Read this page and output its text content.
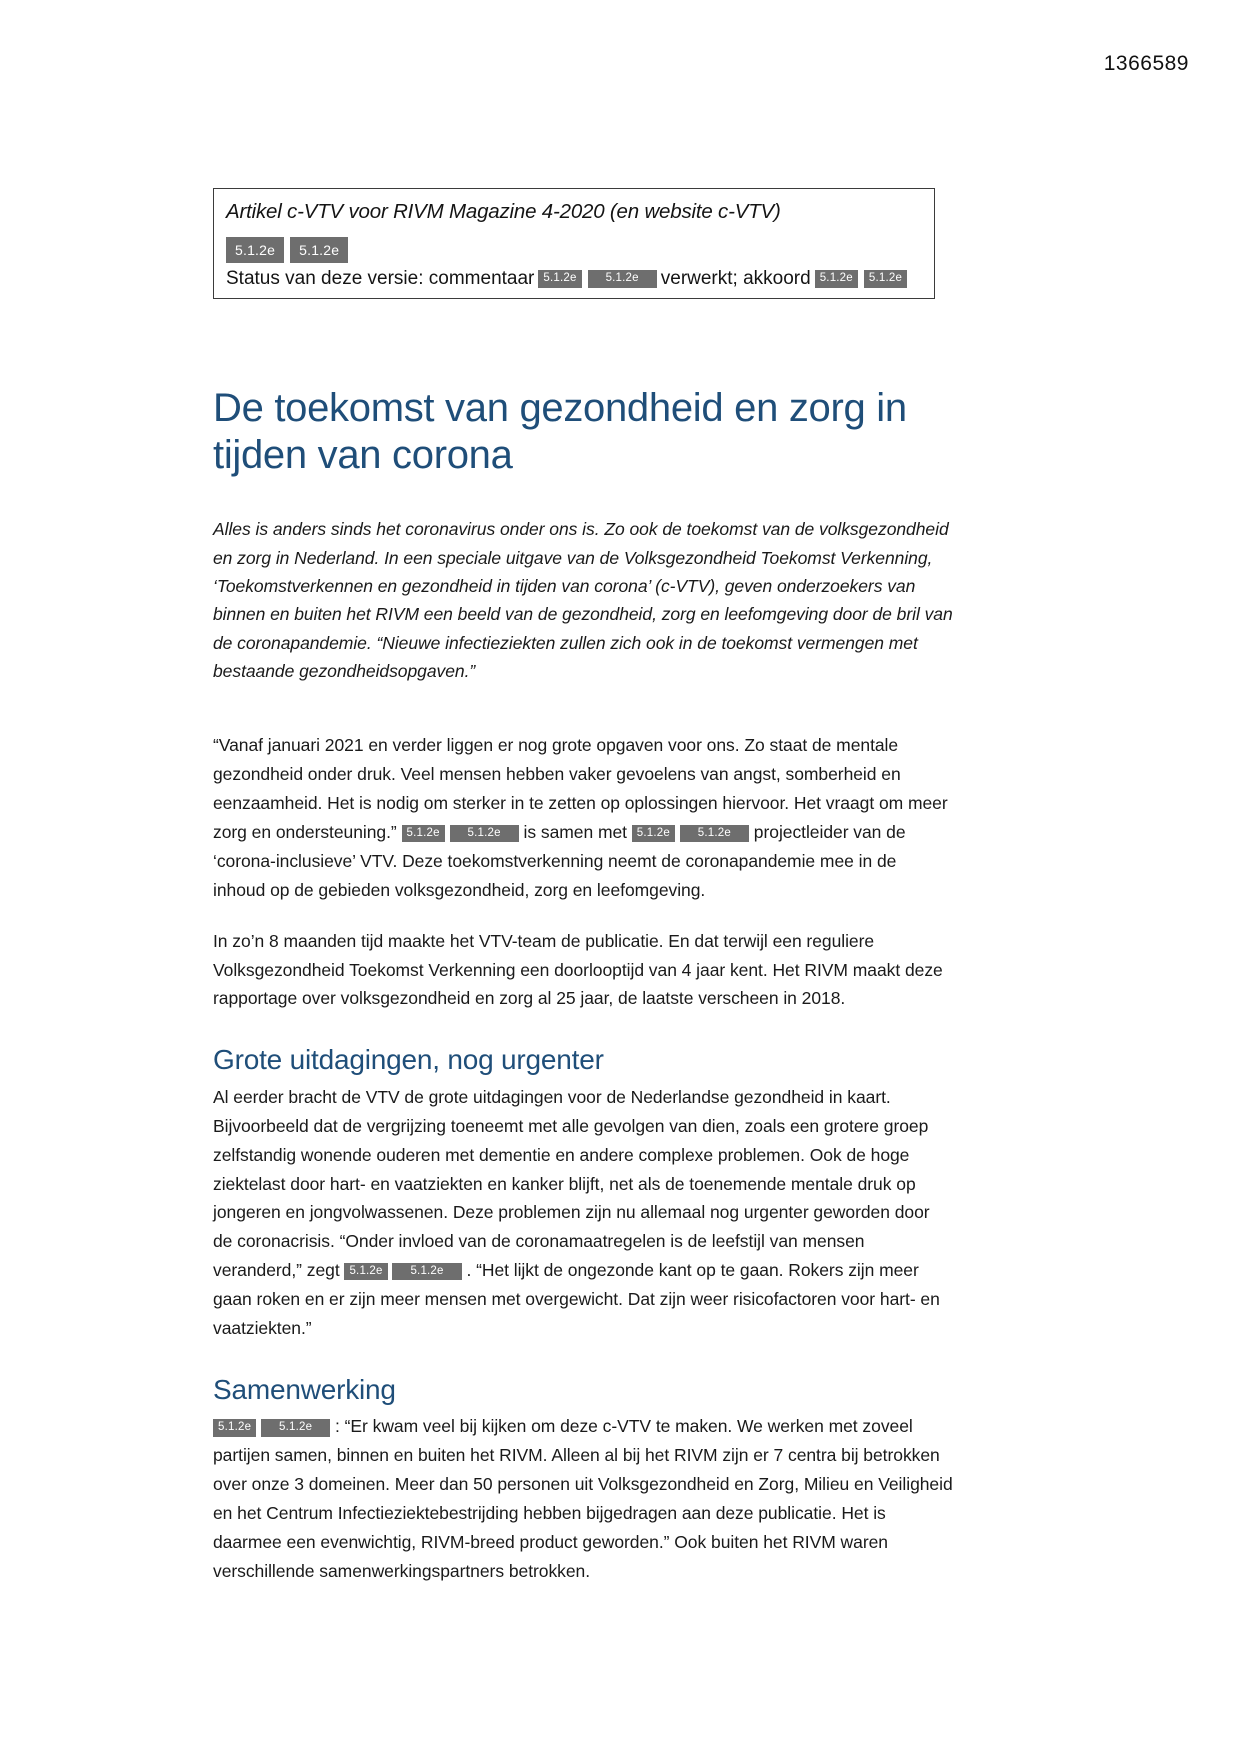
1366589
Artikel c-VTV voor RIVM Magazine 4-2020 (en website c-VTV)
5.1.2e	5.1.2e
Status van deze versie: commentaar 5.1.2e	5.1.2e	verwerkt; akkoord 5.1.2e	5.1.2e
De toekomst van gezondheid en zorg in tijden van corona

Alles is anders sinds het coronavirus onder ons is. Zo ook de toekomst van de volksgezondheid en zorg in Nederland. In een speciale uitgave van de Volksgezondheid Toekomst Verkenning, ‘Toekomstverkennen en gezondheid in tijden van corona’ (c-VTV), geven onderzoekers van binnen en buiten het RIVM een beeld van de gezondheid, zorg en leefomgeving door de bril van de coronapandemie. “Nieuwe infectieziekten zullen zich ook in de toekomst vermengen met bestaande gezondheidsopgaven.”

“Vanaf januari 2021 en verder liggen er nog grote opgaven voor ons. Zo staat de mentale gezondheid onder druk. Veel mensen hebben vaker gevoelens van angst, somberheid en eenzaamheid. Het is nodig om sterker in te zetten op oplossingen hiervoor. Het vraagt om meer zorg en ondersteuning.” 5.1.2e 5.1.2e is samen met 5.1.2e 5.1.2e projectleider van de ‘corona-inclusieve’ VTV. Deze toekomstverkenning neemt de coronapandemie mee in de inhoud op de gebieden volksgezondheid, zorg en leefomgeving.

In zo’n 8 maanden tijd maakte het VTV-team de publicatie. En dat terwijl een reguliere Volksgezondheid Toekomst Verkenning een doorlooptijd van 4 jaar kent. Het RIVM maakt deze rapportage over volksgezondheid en zorg al 25 jaar, de laatste verscheen in 2018.

Grote uitdagingen, nog urgenter

Al eerder bracht de VTV de grote uitdagingen voor de Nederlandse gezondheid in kaart. Bijvoorbeeld dat de vergrijzing toeneemt met alle gevolgen van dien, zoals een grotere groep zelfstandig wonende ouderen met dementie en andere complexe problemen. Ook de hoge ziektelast door hart- en vaatziekten en kanker blijft, net als de toenemende mentale druk op jongeren en jongvolwassenen. Deze problemen zijn nu allemaal nog urgenter geworden door de coronacrisis. “Onder invloed van de coronamaatregelen is de leefstijl van mensen veranderd,” zegt 5.1.2e 5.1.2e . “Het lijkt de ongezonde kant op te gaan. Rokers zijn meer gaan roken en er zijn meer mensen met overgewicht. Dat zijn weer risicofactoren voor hart- en vaatziekten.”

Samenwerking

5.1.2e 5.1.2e : “Er kwam veel bij kijken om deze c-VTV te maken. We werken met zoveel partijen samen, binnen en buiten het RIVM. Alleen al bij het RIVM zijn er 7 centra bij betrokken over onze 3 domeinen. Meer dan 50 personen uit Volksgezondheid en Zorg, Milieu en Veiligheid en het Centrum Infectieziektebestrijding hebben bijgedragen aan deze publicatie. Het is daarmee een evenwichtig, RIVM-breed product geworden.” Ook buiten het RIVM waren verschillende samenwerkingspartners betrokken.
